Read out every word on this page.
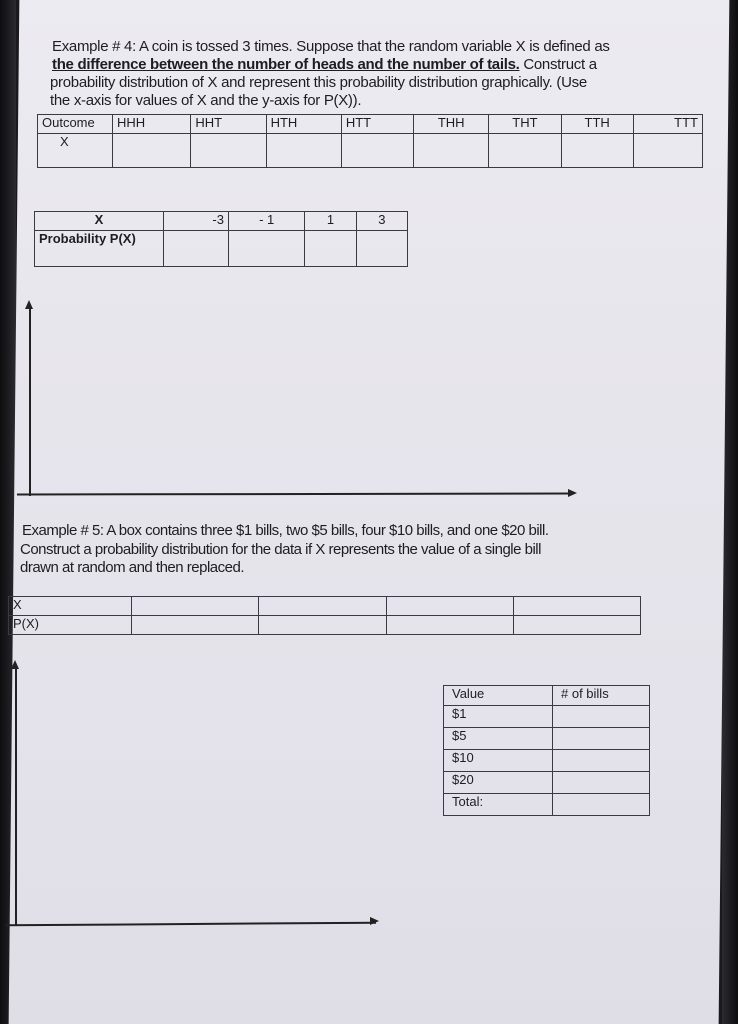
Example # 4: A coin is tossed 3 times. Suppose that the random variable X is defined as
the difference between the number of heads and the number of tails. Construct a
probability distribution of X and represent this probability distribution graphically. (Use
the x-axis for values of X and the y-axis for P(X)).
Outcome	HHH	HHT	HTH	HTT	THH	THT	TTH	TTT
X								
X	-3	- 1	1	3
Probability P(X)				
Example # 5: A box contains three $1 bills, two $5 bills, four $10 bills, and one $20 bill.
Construct a probability distribution for the data if X represents the value of a single bill
drawn at random and then replaced.
X				
P(X)				
Value	# of bills
$1	
$5	
$10	
$20	
Total:	
